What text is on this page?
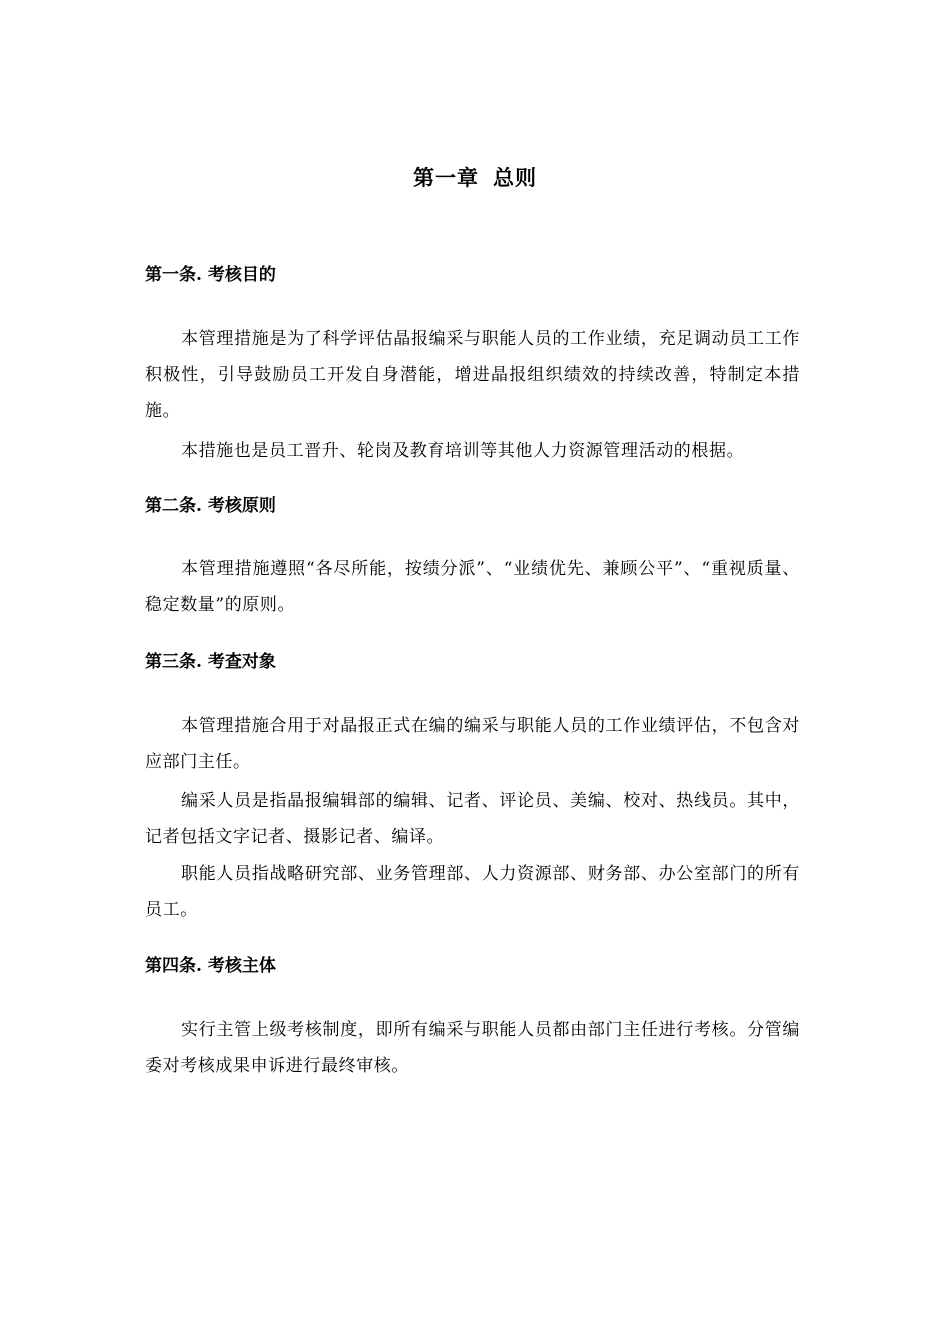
第一章 总则
第一条. 考核目的

本管理措施是为了科学评估晶报编采与职能人员的工作业绩，充足调动员工工作积极性，引导鼓励员工开发自身潜能，增进晶报组织绩效的持续改善，特制定本措施。

本措施也是员工晋升、轮岗及教育培训等其他人力资源管理活动的根据。

第二条. 考核原则

本管理措施遵照“各尽所能，按绩分派”、“业绩优先、兼顾公平”、“重视质量、稳定数量”的原则。

第三条. 考查对象

本管理措施合用于对晶报正式在编的编采与职能人员的工作业绩评估，不包含对应部门主任。

编采人员是指晶报编辑部的编辑、记者、评论员、美编、校对、热线员。其中，记者包括文字记者、摄影记者、编译。

职能人员指战略研究部、业务管理部、人力资源部、财务部、办公室部门的所有员工。

第四条. 考核主体

实行主管上级考核制度，即所有编采与职能人员都由部门主任进行考核。分管编委对考核成果申诉进行最终审核。
